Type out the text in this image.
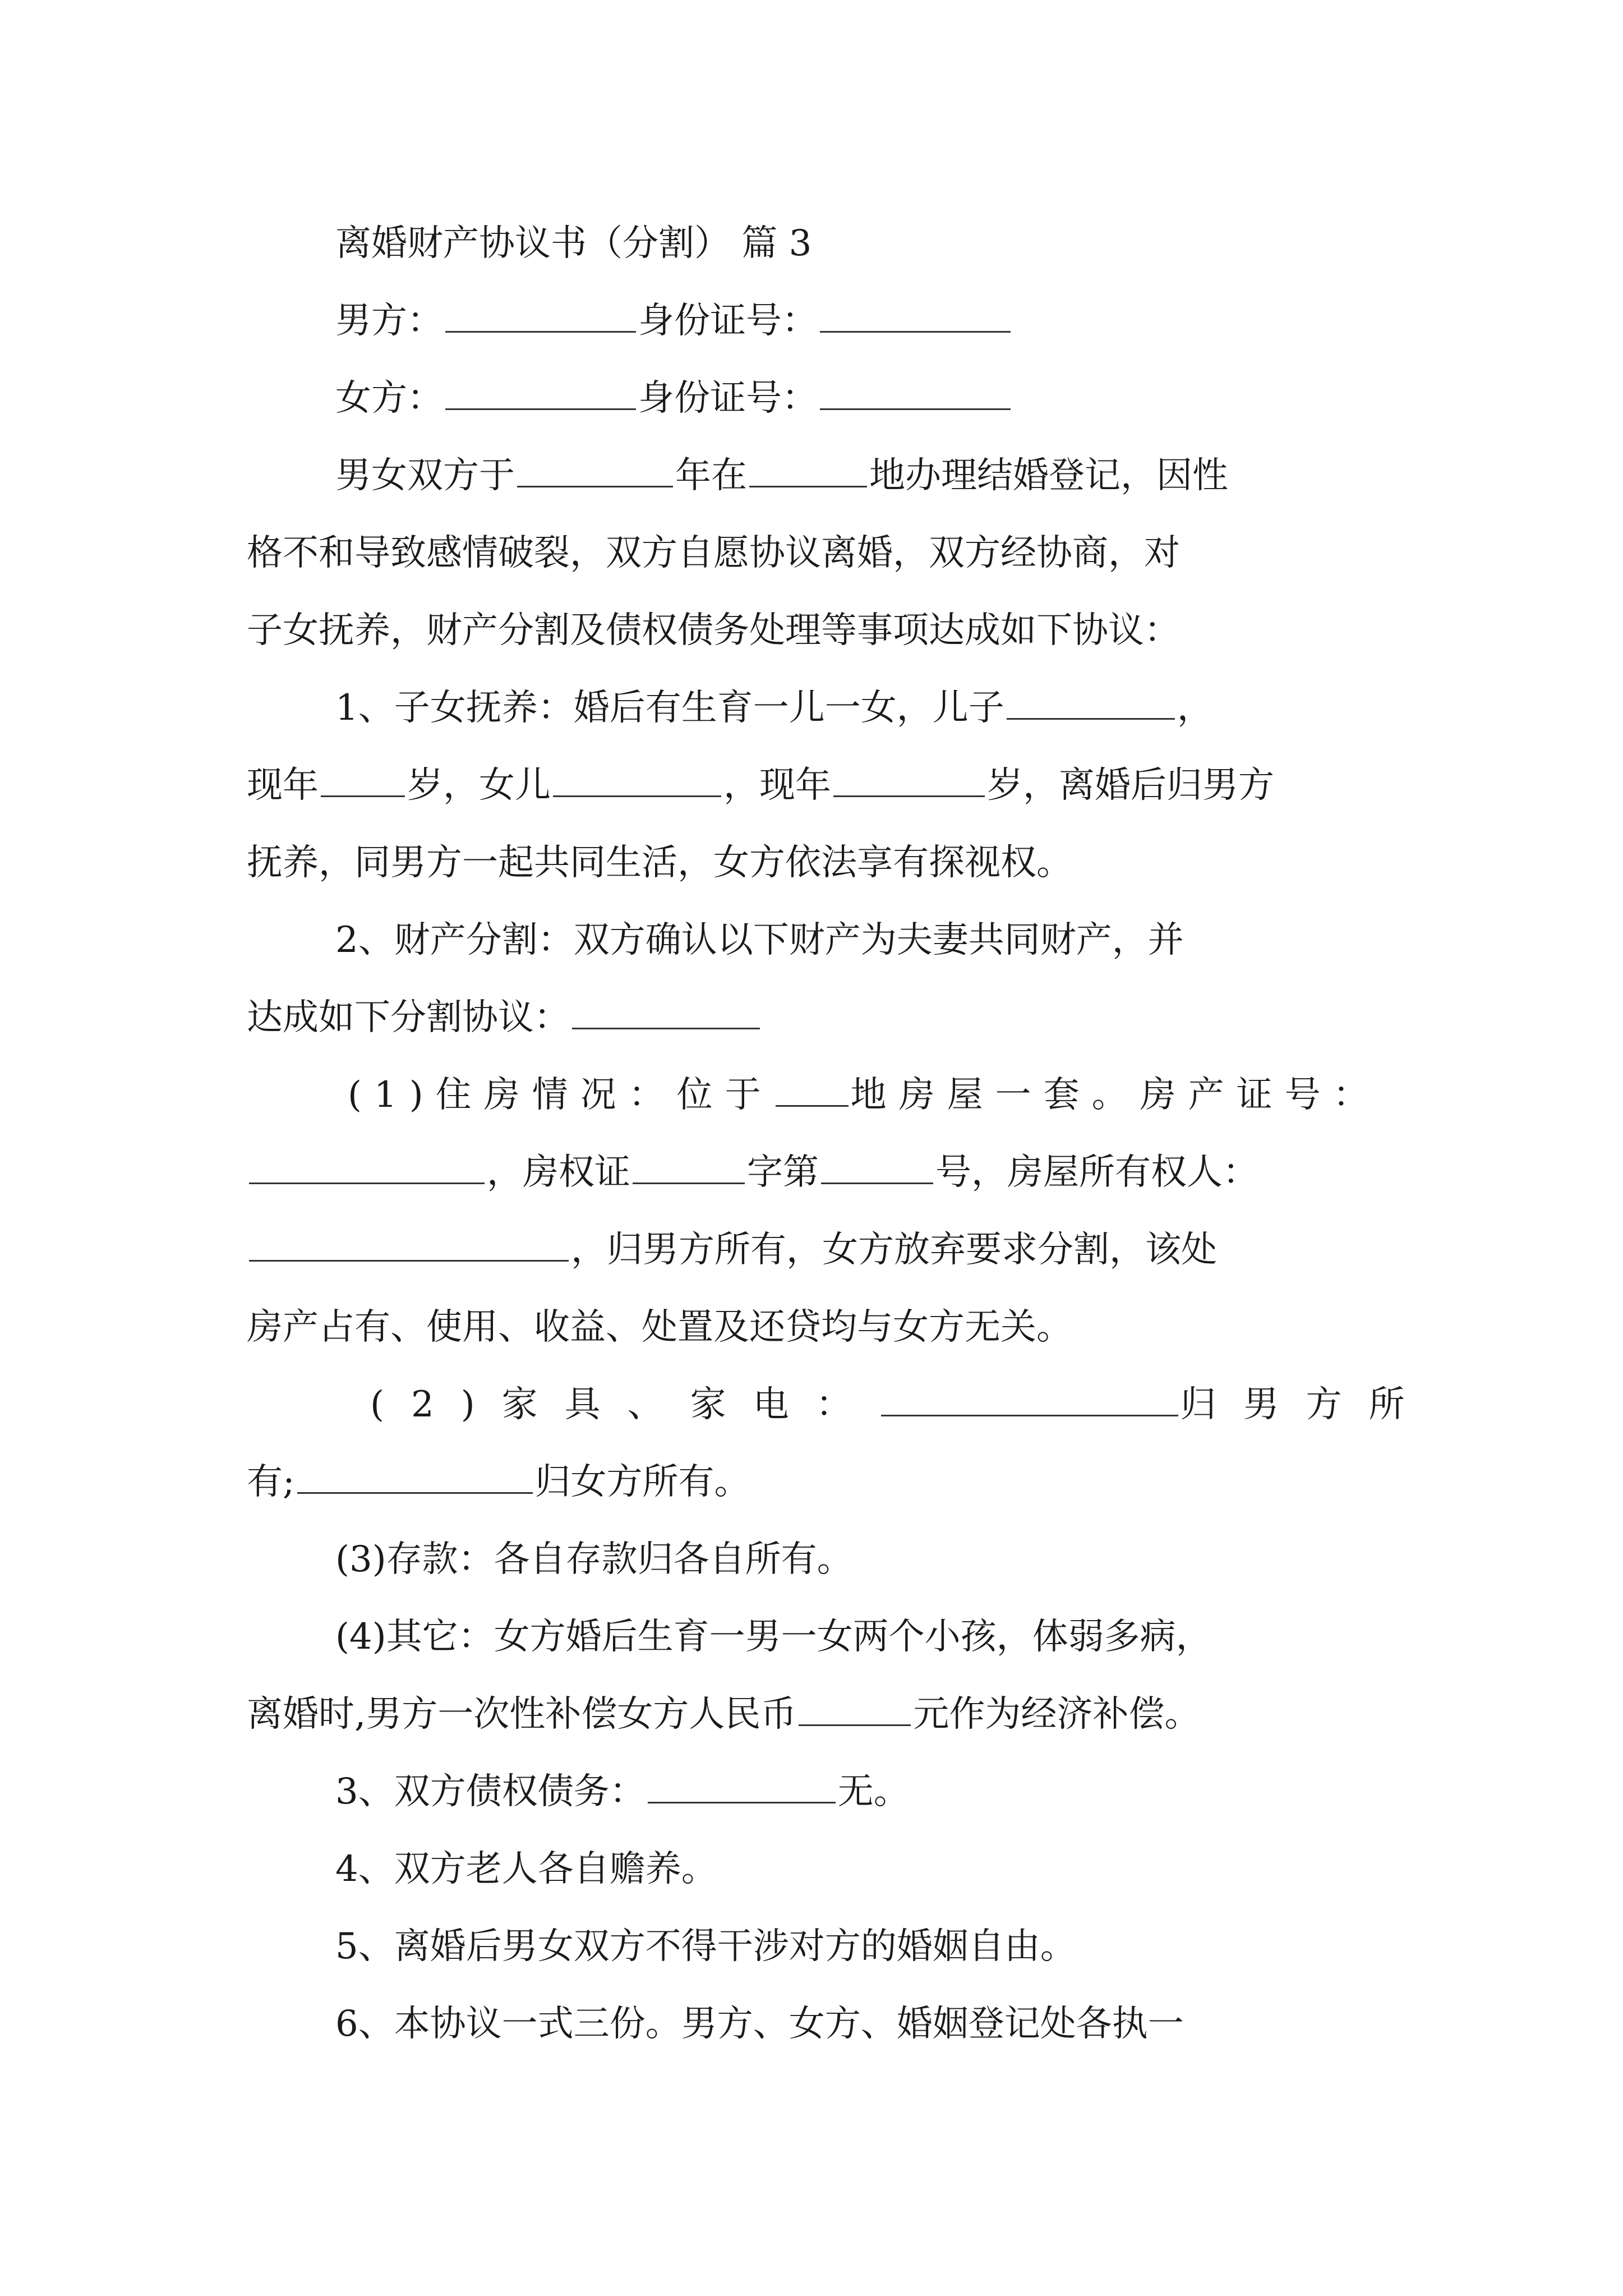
离婚财产协议书（分割） 篇 3

男方：	身份证号：

女方：	身份证号：

男女双方于	年在	地办理结婚登记，因性

格不和导致感情破裂，双方自愿协议离婚，双方经协商，对

子女抚养，财产分割及债权债务处理等事项达成如下协议：

1、子女抚养：婚后有生育一儿一女，儿子	，

现年 岁，女儿	，现年	岁，离婚后归男方

抚养，同男方一起共同生活，女方依法享有探视权。

2、财产分割：双方确认以下财产为夫妻共同财产，并

达成如下分割协议：

(1)住房情况：位于 地房屋一套。房产证号：

，房权证	字第	号，房屋所有权人：

，归男方所有，女方放弃要求分割，该处

房产占有、使用、收益、处置及还贷均与女方无关。

(2)家具、家电：	归男方所

有;	归女方所有。

(3)存款：各自存款归各自所有。

(4)其它：女方婚后生育一男一女两个小孩，体弱多病，

离婚时,男方一次性补偿女方人民币	元作为经济补偿。

3、双方债权债务：	无。

4、双方老人各自赡养。

5、离婚后男女双方不得干涉对方的婚姻自由。

6、本协议一式三份。男方、女方、婚姻登记处各执一
